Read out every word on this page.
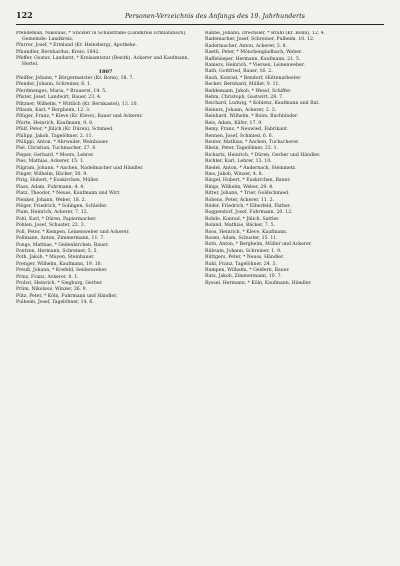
122	Personen-Verzeichnis des Anfangs des 19. Jahrhunderts

Pfendeman, Nikolaus, * Stickler in Schulstraße (Landkreis Ermländisch), Gemeinde: Landkreis.

Pfarrer, Josef, * Ermland (Kr. Heinsberg), Apotheke.

Pfaundler, Bernhardus, Kreis: 1842.

Pfeffer, Gustav, Landarzt, * Kreisamtsrat (Bezirk), Ackerer und Kaufmann, Hertel.

1807

Pfeiffer, Johann, * Bürgermeister (Kr. Bonn), 18. 7.

Pfender, Johann, Schreiner, 6. 1.

Pferdmenges, Maria, * Brauerei, 14. 5.

Pfister, Josef, Landwirt, Bauer, 23. 4.

Pfitzner, Wilhelm, * Wittlich (Kr. Bernkastel), 13. 10.

Pflaum, Karl, * Bergheim, 12. 3.

Pflüger, Franz, * Kleve (Kr. Kleve), Bauer und Ackerer.

Pforte, Heinrich, Kaufmann, 9. 8.

Pfülf, Peter, * Jülich (Kr. Düren), Schmied.

Philipp, Jakob, Tagelöhner, 2. 11.

Philippi, Anton, * Ahrweiler, Weinbauer.

Piel, Christian, Tuchmacher, 27. 6.

Pieper, Gerhard, * Moers, Lehrer.

Pies, Mathias, Ackerer, 15. 1.

Pilgram, Johann, * Aachen, Nadelmacher und Händler.

Pinger, Wilhelm, Bäcker, 30. 9.

Pirig, Hubert, * Euskirchen, Müller.

Plass, Adam, Fuhrmann, 4. 4.

Platz, Theodor, * Neuss, Kaufmann und Wirt.

Plenker, Johann, Weber, 18. 2.

Plöger, Friedrich, * Solingen, Schleifer.

Plum, Heinrich, Ackerer, 7. 12.

Pohl, Karl, * Düren, Papiermacher.

Pohlen, Josef, Schuster, 22. 3.

Poll, Peter, * Kempen, Leinenweber und Ackerer.

Pollmann, Anton, Zimmermann, 11. 7.

Pongs, Mathias, * Geilenkirchen, Bauer.

Pontzen, Hermann, Schreiner, 5. 5.

Poth, Jakob, * Mayen, Steinhauer.

Prenger, Wilhelm, Kaufmann, 19. 10.

Preuß, Johann, * Krefeld, Seidenweber.

Prinz, Franz, Ackerer, 8. 1.

Probst, Heinrich, * Siegburg, Gerber.

Prüm, Nikolaus, Winzer, 26. 9.

Pütz, Peter, * Köln, Fuhrmann und Händler.

Pulheim, Josef, Tagelöhner, 14. 6.

Rabbe, Johann, Drechsler, * Brühl (Kr. Bonn), 12. 4.

Rademacher, Josef, Schreiner, Pulheim, 10. 12.

Radermacher, Anton, Ackerer, 3. 8.

Raeth, Peter, * Mönchengladbach, Weber.

Raffelsieper, Hermann, Kaufmann, 21. 5.

Ramers, Heinrich, * Viersen, Leinenweber.

Rath, Gottfried, Bauer, 16. 2.

Rauh, Konrad, * Bendorf, Hüttenarbeiter.

Recker, Bernhard, Müller, 9. 11.

Reddemann, Jakob, * Wesel, Schiffer.

Rehm, Christoph, Gastwirt, 28. 7.

Reichard, Ludwig, * Koblenz, Kaufmann und Rat.

Reiners, Johann, Ackerer, 2. 3.

Reinhard, Wilhelm, * Bonn, Buchbinder.

Reis, Adam, Küfer, 17. 9.

Remy, Franz, * Neuwied, Fabrikant.

Rennen, Josef, Schmied, 6. 6.

Reuter, Mathias, * Aachen, Tuchscherer.

Rhein, Peter, Tagelöhner, 23. 1.

Richartz, Heinrich, * Düren, Gerber und Händler.

Richter, Karl, Lehrer, 13. 10.

Riedel, Anton, * Andernach, Steinmetz.

Ries, Jakob, Winzer, 4. 8.

Ringel, Hubert, * Euskirchen, Bauer.

Rings, Wilhelm, Weber, 29. 4.

Ritter, Johann, * Trier, Goldschmied.

Robens, Peter, Ackerer, 11. 2.

Röder, Friedrich, * Elberfeld, Färber.

Roggendorf, Josef, Fuhrmann, 20. 12.

Rohde, Konrad, * Jülich, Sattler.

Roland, Mathias, Bäcker, 7. 5.

Roos, Heinrich, * Kleve, Kaufmann.

Rosen, Adam, Schuster, 15. 11.

Roth, Anton, * Bergheim, Müller und Ackerer.

Rübsam, Johann, Schreiner, 1. 9.

Rüttgers, Peter, * Neuss, Händler.

Ruhl, Franz, Tagelöhner, 24. 3.

Rumpen, Wilhelm, * Geldern, Bauer.

Rutz, Jakob, Zimmermann, 10. 7.

Ryssel, Hermann, * Köln, Kaufmann, Händler.
